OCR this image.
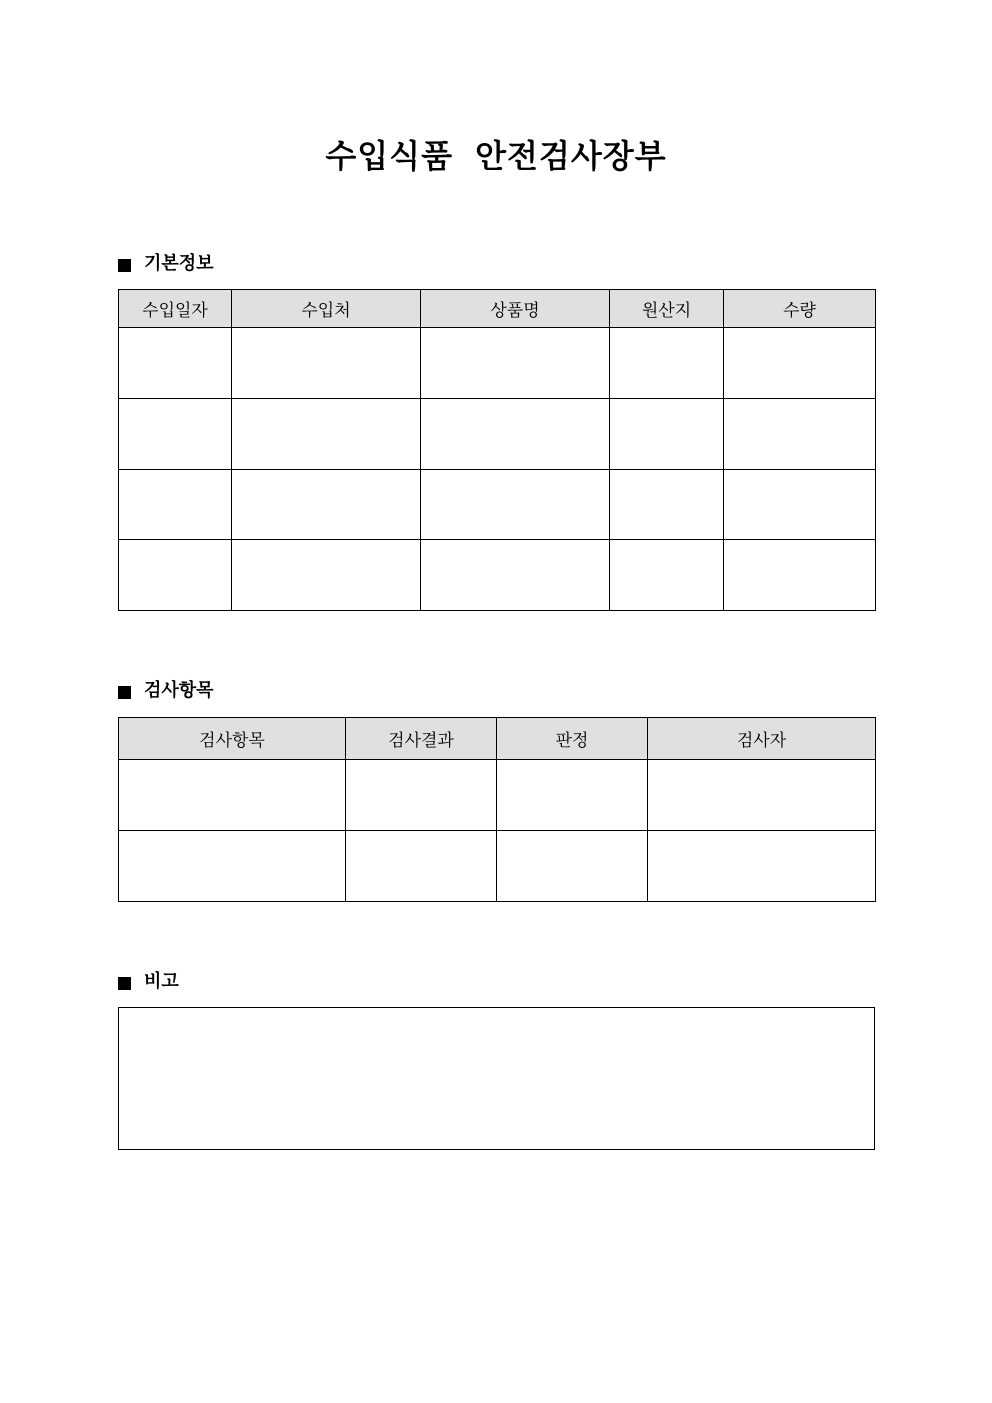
수입식품 안전검사장부
기본정보
수입일자	수입처	상품명	원산지	수량

검사항목
검사항목	검사결과	판정	검사자

비고
